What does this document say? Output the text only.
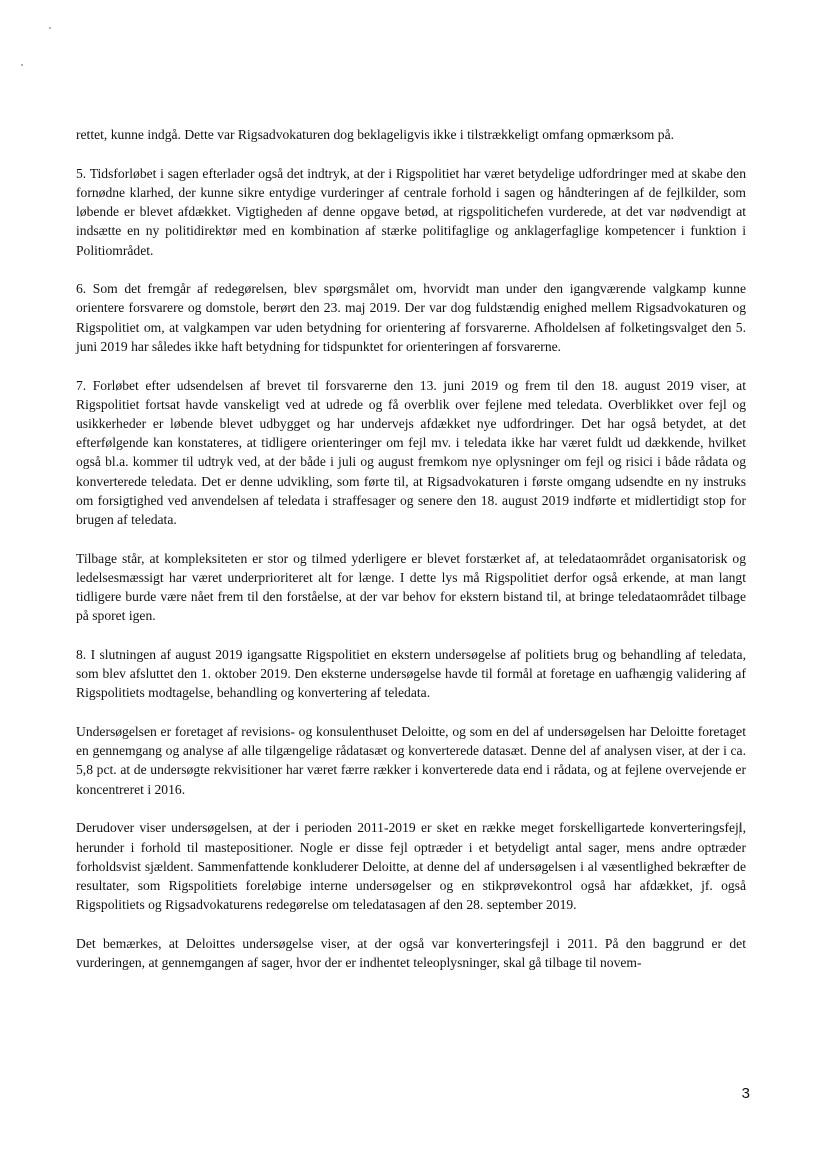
rettet, kunne indgå. Dette var Rigsadvokaturen dog beklageligvis ikke i tilstrækkeligt omfang opmærksom på.

5. Tidsforløbet i sagen efterlader også det indtryk, at der i Rigspolitiet har været betydelige udfordringer med at skabe den fornødne klarhed, der kunne sikre entydige vurderinger af centrale forhold i sagen og håndteringen af de fejlkilder, som løbende er blevet afdækket. Vigtigheden af denne opgave betød, at rigspolitichefen vurderede, at det var nødvendigt at indsætte en ny politidirektør med en kombination af stærke politifaglige og anklagerfaglige kompetencer i funktion i Politiområdet.

6. Som det fremgår af redegørelsen, blev spørgsmålet om, hvorvidt man under den igangværende valgkamp kunne orientere forsvarere og domstole, berørt den 23. maj 2019. Der var dog fuldstændig enighed mellem Rigsadvokaturen og Rigspolitiet om, at valgkampen var uden betydning for orientering af forsvarerne. Afholdelsen af folketingsvalget den 5. juni 2019 har således ikke haft betydning for tidspunktet for orienteringen af forsvarerne.

7. Forløbet efter udsendelsen af brevet til forsvarerne den 13. juni 2019 og frem til den 18. august 2019 viser, at Rigspolitiet fortsat havde vanskeligt ved at udrede og få overblik over fejlene med teledata. Overblikket over fejl og usikkerheder er løbende blevet udbygget og har undervejs afdækket nye udfordringer. Det har også betydet, at det efterfølgende kan konstateres, at tidligere orienteringer om fejl mv. i teledata ikke har været fuldt ud dækkende, hvilket også bl.a. kommer til udtryk ved, at der både i juli og august fremkom nye oplysninger om fejl og risici i både rådata og konverterede teledata. Det er denne udvikling, som førte til, at Rigsadvokaturen i første omgang udsendte en ny instruks om forsigtighed ved anvendelsen af teledata i straffesager og senere den 18. august 2019 indførte et midlertidigt stop for brugen af teledata.

Tilbage står, at kompleksiteten er stor og tilmed yderligere er blevet forstærket af, at teledataområdet organisatorisk og ledelsesmæssigt har været underprioriteret alt for længe. I dette lys må Rigspolitiet derfor også erkende, at man langt tidligere burde være nået frem til den forståelse, at der var behov for ekstern bistand til, at bringe teledataområdet tilbage på sporet igen.

8. I slutningen af august 2019 igangsatte Rigspolitiet en ekstern undersøgelse af politiets brug og behandling af teledata, som blev afsluttet den 1. oktober 2019. Den eksterne undersøgelse havde til formål at foretage en uafhængig validering af Rigspolitiets modtagelse, behandling og konvertering af teledata.

Undersøgelsen er foretaget af revisions- og konsulenthuset Deloitte, og som en del af undersøgelsen har Deloitte foretaget en gennemgang og analyse af alle tilgængelige rådatasæt og konverterede datasæt. Denne del af analysen viser, at der i ca. 5,8 pct. at de undersøgte rekvisitioner har været færre rækker i konverterede data end i rådata, og at fejlene overvejende er koncentreret i 2016.

Derudover viser undersøgelsen, at der i perioden 2011-2019 er sket en række meget forskelligartede konverteringsfejl, herunder i forhold til mastepositioner. Nogle er disse fejl optræder i et betydeligt antal sager, mens andre optræder forholdsvist sjældent. Sammenfattende konkluderer Deloitte, at denne del af undersøgelsen i al væsentlighed bekræfter de resultater, som Rigspolitiets foreløbige interne undersøgelser og en stikprøvekontrol også har afdækket, jf. også Rigspolitiets og Rigsadvokaturens redegørelse om teledatasagen af den 28. september 2019.

Det bemærkes, at Deloittes undersøgelse viser, at der også var konverteringsfejl i 2011. På den baggrund er det vurderingen, at gennemgangen af sager, hvor der er indhentet teleoplysninger, skal gå tilbage til novem-

3
